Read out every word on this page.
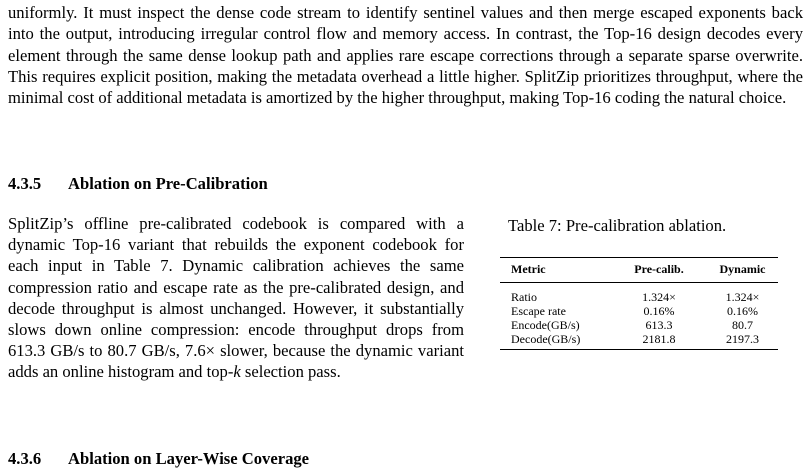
uniformly. It must inspect the dense code stream to identify sentinel values and then merge escaped exponents back into the output, introducing irregular control flow and memory access. In contrast, the Top-16 design decodes every element through the same dense lookup path and applies rare escape corrections through a separate sparse overwrite. This requires explicit position, making the metadata overhead a little higher. SplitZip prioritizes throughput, where the minimal cost of additional metadata is amortized by the higher throughput, making Top-16 coding the natural choice.

4.3.5 Ablation on Pre-Calibration

SplitZip’s offline pre-calibrated codebook is compared with a dynamic Top-16 variant that rebuilds the exponent codebook for each input in Table 7. Dynamic calibration achieves the same compression ratio and escape rate as the pre-calibrated design, and decode throughput is almost unchanged. However, it substantially slows down online compression: encode throughput drops from 613.3 GB/s to 80.7 GB/s, 7.6× slower, because the dynamic variant adds an online histogram and top-k selection pass.

Table 7: Pre-calibration ablation.
Metric	Pre-calib.	Dynamic
Ratio	1.324×	1.324×
Escape rate	0.16%	0.16%
Encode(GB/s)	613.3	80.7
Decode(GB/s)	2181.8	2197.3
4.3.6 Ablation on Layer-Wise Coverage
